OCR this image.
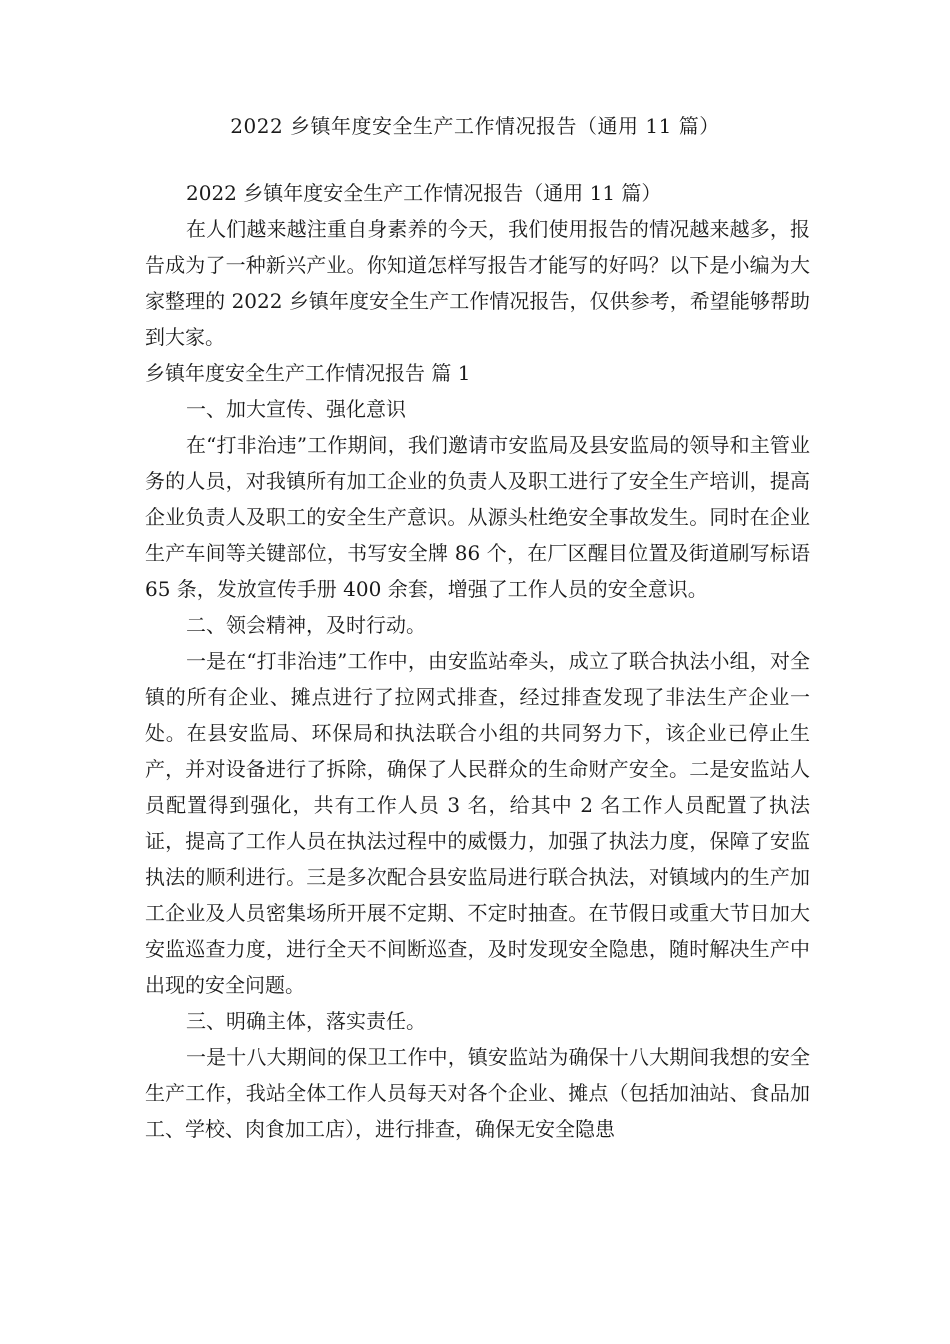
2022 乡镇年度安全生产工作情况报告（通用 11 篇）

2022 乡镇年度安全生产工作情况报告（通用 11 篇）

在人们越来越注重自身素养的今天，我们使用报告的情况越来越多，报告成为了一种新兴产业。你知道怎样写报告才能写的好吗？以下是小编为大家整理的 2022 乡镇年度安全生产工作情况报告，仅供参考，希望能够帮助到大家。

乡镇年度安全生产工作情况报告 篇 1

一、加大宣传、强化意识

在“打非治违”工作期间，我们邀请市安监局及县安监局的领导和主管业务的人员，对我镇所有加工企业的负责人及职工进行了安全生产培训，提高企业负责人及职工的安全生产意识。从源头杜绝安全事故发生。同时在企业生产车间等关键部位，书写安全牌 86 个，在厂区醒目位置及街道刷写标语 65 条，发放宣传手册 400 余套，增强了工作人员的安全意识。

二、领会精神，及时行动。

一是在“打非治违”工作中，由安监站牵头，成立了联合执法小组，对全镇的所有企业、摊点进行了拉网式排查，经过排查发现了非法生产企业一处。在县安监局、环保局和执法联合小组的共同努力下，该企业已停止生产，并对设备进行了拆除，确保了人民群众的生命财产安全。二是安监站人员配置得到强化，共有工作人员 3 名，给其中 2 名工作人员配置了执法证，提高了工作人员在执法过程中的威慑力，加强了执法力度，保障了安监执法的顺利进行。三是多次配合县安监局进行联合执法，对镇域内的生产加工企业及人员密集场所开展不定期、不定时抽查。在节假日或重大节日加大安监巡查力度，进行全天不间断巡查，及时发现安全隐患，随时解决生产中出现的安全问题。

三、明确主体，落实责任。

一是十八大期间的保卫工作中，镇安监站为确保十八大期间我想的安全生产工作，我站全体工作人员每天对各个企业、摊点（包括加油站、食品加工、学校、肉食加工店），进行排查，确保无安全隐患
